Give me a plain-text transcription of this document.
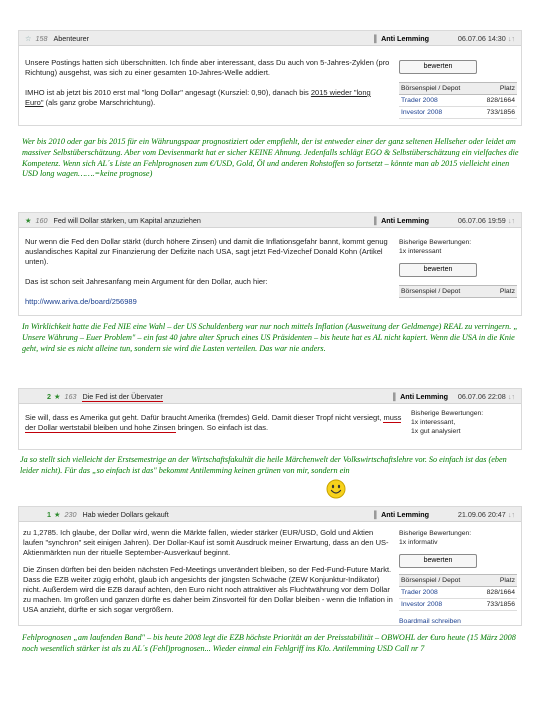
☆ 158 Abenteurer	▌ Anti Lemming	06.07.06 14:30 ↓↑

Unsere Postings hatten sich überschnitten. Ich finde aber interessant, dass Du auch von 5-Jahres-Zyklen (pro Richtung) ausgehst, was sich zu einer gesamten 10-Jahres-Welle addiert.

IMHO ist ab jetzt bis 2010 erst mal "long Dollar" angesagt (Kursziel: 0,90), danach bis 2015 wieder "long Euro" (als ganz grobe Marschrichtung).

bewerten
Börsenspiel / Depot	Platz
Trader 2008	828/1664
Investor 2008	733/1856
Wer bis 2010 oder gar bis 2015 für ein Währungspaar prognostiziert oder empfiehlt, der ist entweder einer der ganz seltenen Hellseher oder leidet am massiver Selbstüberschätzung. Aber vom Devisenmarkt hat er sicher KEINE Ahnung. Jedenfalls schlägt EGO & Selbstüberschätzung ein vielfaches die Kompetenz. Wenn sich AL´s Liste an Fehlprognosen zum €/USD, Gold, Öl und anderen Rohstoffen so fortsetzt – könnte man ab 2015 vielleicht einen USD long wagen…….=keine prognose)
★ 160 Fed will Dollar stärken, um Kapital anzuziehen	▌ Anti Lemming	06.07.06 19:59 ↓↑

Nur wenn die Fed den Dollar stärkt (durch höhere Zinsen) und damit die Inflationsgefahr bannt, kommt genug auslandisches Kapital zur Finanzierung der Defizite nach USA, sagt jetzt Fed-Vizechef Donald Kohn (Artikel unten).

Das ist schon seit Jahresanfang mein Argument für den Dollar, auch hier:

http://www.ariva.de/board/256989

Bisherige Bewertungen:
1x interessant
bewerten
Börsenspiel / Depot	Platz
In Wirklichkeit hatte die Fed NIE eine Wahl – der US Schuldenberg war nur noch mittels Inflation (Ausweitung der Geldmenge) REAL zu verringern. „ Unsere Währung – Euer Problem" – ein fast 40 jahre alter Spruch eines US Präsidenten – bis heute hat es AL nicht kapiert. Wenn die USA in die Knie geht, wird sie es nicht alleine tun, sondern sie wird die Lasten verteilen. Das war nie anders.
2 ★ 163 Die Fed ist der Übervater	▌ Anti Lemming 06.07.06 22:08 ↓↑

Sie will, dass es Amerika gut geht. Dafür braucht Amerika (fremdes) Geld. Damit dieser Tropf nicht versiegt, muss der Dollar wertstabil bleiben und hohe Zinsen bringen. So einfach ist das.

Bisherige Bewertungen:
1x interessant,
1x gut analysiert
Ja so stellt sich vielleicht der Erstsemestrige an der Wirtschaftsfakultät die heile Märchenwelt der Volkswirtschaftslehre vor. So einfach ist das (eben leider nicht). Für das „so einfach ist das" bekommt Antilemming keinen grünen von mir, sondern ein
1 ★ 230 Hab wieder Dollars gekauft	▌ Anti Lemming	21.09.06 20:47 ↓↑

zu 1,2785. Ich glaube, der Dollar wird, wenn die Märkte fallen, wieder stärker (EUR/USD, Gold und Aktien laufen "synchron" seit einigen Jahren). Der Dollar-Kauf ist somit Ausdruck meiner Erwartung, dass an den US-Aktienmärkten nun der rituelle September-Ausverkauf beginnt.

Die Zinsen dürften bei den beiden nächsten Fed-Meetings unverändert bleiben, so der Fed-Fund-Future Markt. Dass die EZB weiter zügig erhöht, glaub ich angesichts der jüngsten Schwäche (ZEW Konjunktur-Indikator) nicht. Außerdem wird die EZB darauf achten, den Euro nicht noch attraktiver als Fluchtwährung vor dem Dollar zu machen. Im großen und ganzen dürfte es daher beim Zinsvorteil für den Dollar bleiben - wenn die Inflation in USA anzieht, dürfte er sich sogar vergrößern.

Bisherige Bewertungen:
1x informativ
bewerten
Börsenspiel / Depot	Platz
Trader 2008	828/1664
Investor 2008	733/1856
Boardmail schreiben
Fehlprognosen „am laufenden Band" – bis heute 2008 legt die EZB höchste Priorität an der Preisstabilität – OBWOHL der €uro heute (15 März 2008 noch wesentlich stärker ist als zu AL´s (Fehl)prognosen... Wieder einmal ein Fehlgriff ins Klo. Antilemming USD Call nr 7
